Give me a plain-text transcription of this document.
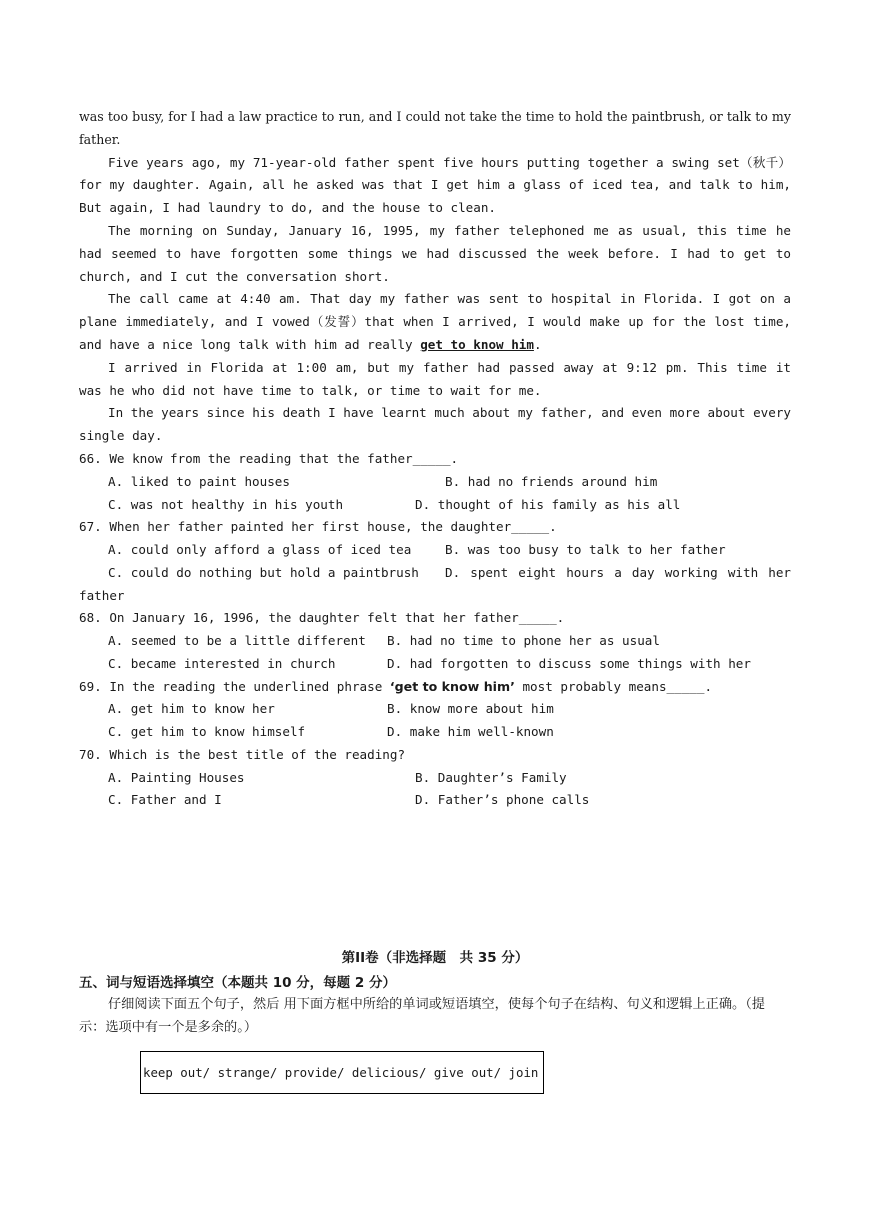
was too busy, for I had a law practice to run, and I could not take the time to hold the paintbrush, or talk to my father.

Five years ago, my 71-year-old father spent five hours putting together a swing set（秋千）for my daughter. Again, all he asked was that I get him a glass of iced tea, and talk to him, But again, I had laundry to do, and the house to clean.

The morning on Sunday, January 16, 1995, my father telephoned me as usual, this time he had seemed to have forgotten some things we had discussed the week before. I had to get to church, and I cut the conversation short.

The call came at 4:40 am. That day my father was sent to hospital in Florida. I got on a plane immediately, and I vowed（发誓）that when I arrived, I would make up for the lost time, and have a nice long talk with him ad really get to know him.

I arrived in Florida at 1:00 am, but my father had passed away at 9:12 pm. This time it was he who did not have time to talk, or time to wait for me.

In the years since his death I have learnt much about my father, and even more about every single day.

66. We know from the reading that the father_____.
A. liked to paint houses	B. had no friends around him
C. was not healthy in his youth	D. thought of his family as his all
67. When her father painted her first house, the daughter_____.
A. could only afford a glass of iced tea	B. was too busy to talk to her father
C. could do nothing but hold a paintbrush D. spent eight hours a day working with her
father
68. On January 16, 1996, the daughter felt that her father_____.
A. seemed to be a little different B. had no time to phone her as usual
C. became interested in church	D. had forgotten to discuss some things with her
69. In the reading the underlined phrase ‘get to know him’ most probably means_____.
A. get him to know her	B. know more about him
C. get him to know himself	D. make him well-known
70. Which is the best title of the reading?
A. Painting Houses	B. Daughter’s Family
C. Father and I	D. Father’s phone calls
第II卷（非选择题　共 35 分）
五、词与短语选择填空（本题共 10 分，每题 2 分）
仔细阅读下面五个句子，然后 用下面方框中所给的单词或短语填空，使每个句子在结构、句义和逻辑上正确。（提示：选项中有一个是多余的。）
keep out/ strange/ provide/ delicious/ give out/ join
